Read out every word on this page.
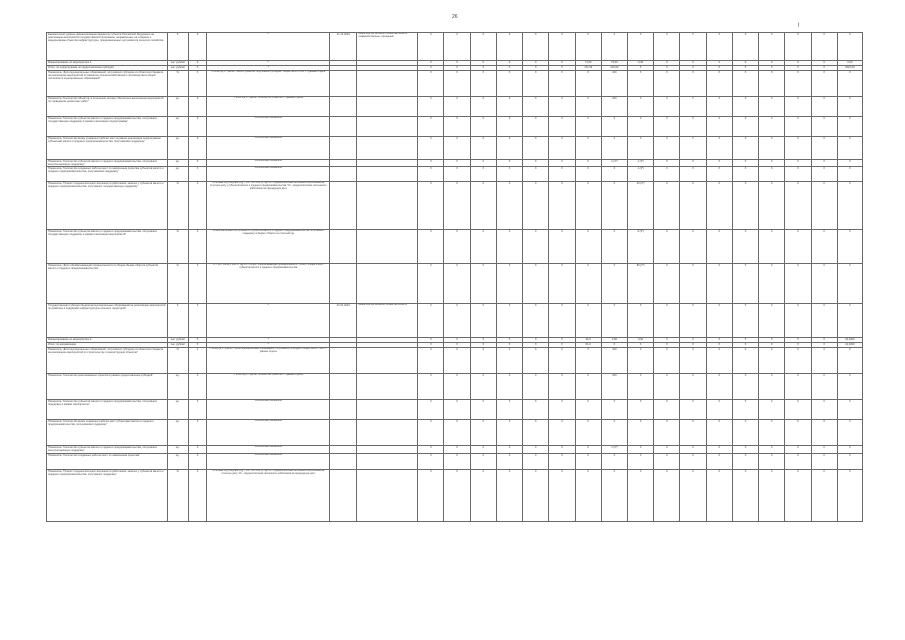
26
l
Ежемесячный уровень финансирования бюджетом субъекта Российской Федерации на реализацию мероприятий государственной программы, направленных на создание и модернизацию объектов инфраструктуры, предназначенных для развития сельского хозяйства	5	X	X	31.12.2019	Министерство сельского хозяйства области, подведомственные учреждения	X	X	X	X	X	X	X	X	X	X	X	X	X	X	X	X	X
Финансирование по мероприятию 1	тыс. рублей	X	X			X	X	X	X	X	X	71,00	76,00	0,00	X	X	X	X	X	X	X	0,00
Итого: по подпрограмме по предоставлению субсидий	тыс. рублей	X	X			X	X	X	X	X	X	171,00	216,00	X	X	X	X	X	X	X	X	2016,00
Показатель "Доля муниципальных образований, получивших субсидию из областного бюджета на реализацию мероприятий по развитию сельскохозяйственного производства в общей численности муниципальных образований"	%	X	X 2019 год X - расчёт: число субъектов, получивших субсидию / общее число x 100 X - данные отдела			X	X	X	X	X	X	X	100	X	X	X	X	X	X	X	X	X
Показатель "Количество объектов, в отношении которых обеспечено выполнение мероприятий по проведению ремонтных работ"	ед.	X	X 2019 год X - расчёт: количество объектов X - данные отдела			X	X	X	X	X	X	X	100	X	X	X	X	X	X	X	X	X
Показатель "Количество субъектов малого и среднего предпринимательства, получивших государственную поддержку в рамках реализации подпрограммы"	ед.	X	Абсолютный показатель			X	X	X	X	X	X	X	X	X	X	X	X	X	X	X	X	X
Показатель "Количество вновь созданных рабочих мест в рамках реализации подпрограммы субъектами малого и среднего предпринимательства, получившими поддержку"	ед.	X	Абсолютный показатель			X	X	X	X	X	X	X	X	X	X	X	X	X	X	X	X	X
Показатель "Количество субъектов малого и среднего предпринимательства, получивших консультационную поддержку"	ед.	X	Абсолютный показатель			X	X	X	X	X	X	X	1 (3*)	1 (3*)	X	X	X	X	X	X	X	X
Показатель "Количество созданных рабочих мест по заявленным проектам субъектов малого и среднего предпринимательства, получившими поддержку"	ед.	X	Абсолютный показатель			X	X	X	X	X	X	X	X	1 (3*)	X	X	X	X	X	X	X	X
Показатель "Прирост среднесписочной численности работников, занятых у субъектов малого и среднего предпринимательства, получивших государственную поддержку"	%	X	Отчетный год (текущий год) = Ч1 / Ч0 x 100 %, где Ч1 - среднесписочная численность работников на отчетную дату у субъектов малого и среднего предпринимательства; Ч0 - среднесписочная численность работников на предыдущую дату			X	X	X	X	X	X	X	X	20 (3*)	X	X	X	X	X	X	X	X
Показатель "Количество субъектов малого и среднего предпринимательства, получивших государственную поддержку в рамках реализации мероприятий"	%	X	Объем налоговых поступлений от субъектов малого и среднего предпринимательства, получивших поддержку, в бюджет области за отчётный год			X	X	X	X	X	X	X	X	9 (3*)	X	X	X	X	X	X	X	X
Показатель "Доля обрабатывающей промышленности в общем объеме оборота субъектов малого и среднего предпринимательства"	%	X	О = Оп / Ообщ x 100 %, где Оп - оборот обрабатывающей промышленности; Ообщ - общий оборот субъектов малого и среднего предпринимательства			X	X	X	X	X	X	X	X	80 (3*)	X	X	X	X	X	X	X	X
Государственная субсидия бюджетам муниципальных образований на реализацию мероприятий по развитию и поддержке инфраструктуры сельских территорий	6	X	X	01.01.2019	Министерство сельского хозяйства области	X	X	X	X	X	X	X	X	X	X	X	X	X	X	X	X	X
Финансирование по мероприятию 2	тыс. рублей	X	X			X	X	X	X	X	X	32,0	0,00	0,00	X	X	X	X	X	X	X	34,2000
Итого: по направлению	тыс. рублей	X	X			X	X	X	X	X	X	61,0	X	X	X	X	X	X	X	X	X	41,2000
Показатель "Доля муниципальных образований, получивших субсидию из областного бюджета на реализацию мероприятий по строительству и реконструкции объектов"	%	X	X 2019 год X - расчёт: число муниципальных образований, получивших субсидию / общее число x 100 X - данные отдела			X	X	X	X	X	X	X	100	X	X	X	X	X	X	X	X	X
Показатель "Количество реализованных проектов в рамках предоставления субсидий"	ед.	X	X 2019 год X - расчёт: количество проектов X - данные отдела			X	X	X	X	X	X	X	100	X	X	X	X	X	X	X	X	X
Показатель "Количество субъектов малого и среднего предпринимательства, получивших поддержку в рамках мероприятия"	ед.	X	Абсолютный показатель			X	X	X	X	X	X	X	X	X	X	X	X	X	X	X	X	X
Показатель "Количество вновь созданных рабочих мест субъектами малого и среднего предпринимательства, получившими поддержку"	ед.	X	Абсолютный показатель			X	X	X	X	X	X	X	X	X	X	X	X	X	X	X	X	X
Показатель "Количество субъектов малого и среднего предпринимательства, получивших консультационную поддержку"	ед.	X	Абсолютный показатель			X	X	X	X	X	X	X	1 (3*)	X	X	X	X	X	X	X	X	X
Показатель "Количество созданных рабочих мест по заявленным проектам"	ед.	X	Абсолютный показатель			X	X	X	X	X	X	X	X	X	X	X	X	X	X	X	X	X
Показатель "Прирост среднесписочной численности работников, занятых у субъектов малого и среднего предпринимательства, получивших поддержку"	%	X	Отчетный год (текущий год) = Ч1 / Ч0 x 100 %, где Ч1 - среднесписочная численность работников на отчетную дату; Ч0 - среднесписочная численность работников на предыдущую дату			X	X	X	X	X	X	X	X	X	X	X	X	X	X	X	X	X
